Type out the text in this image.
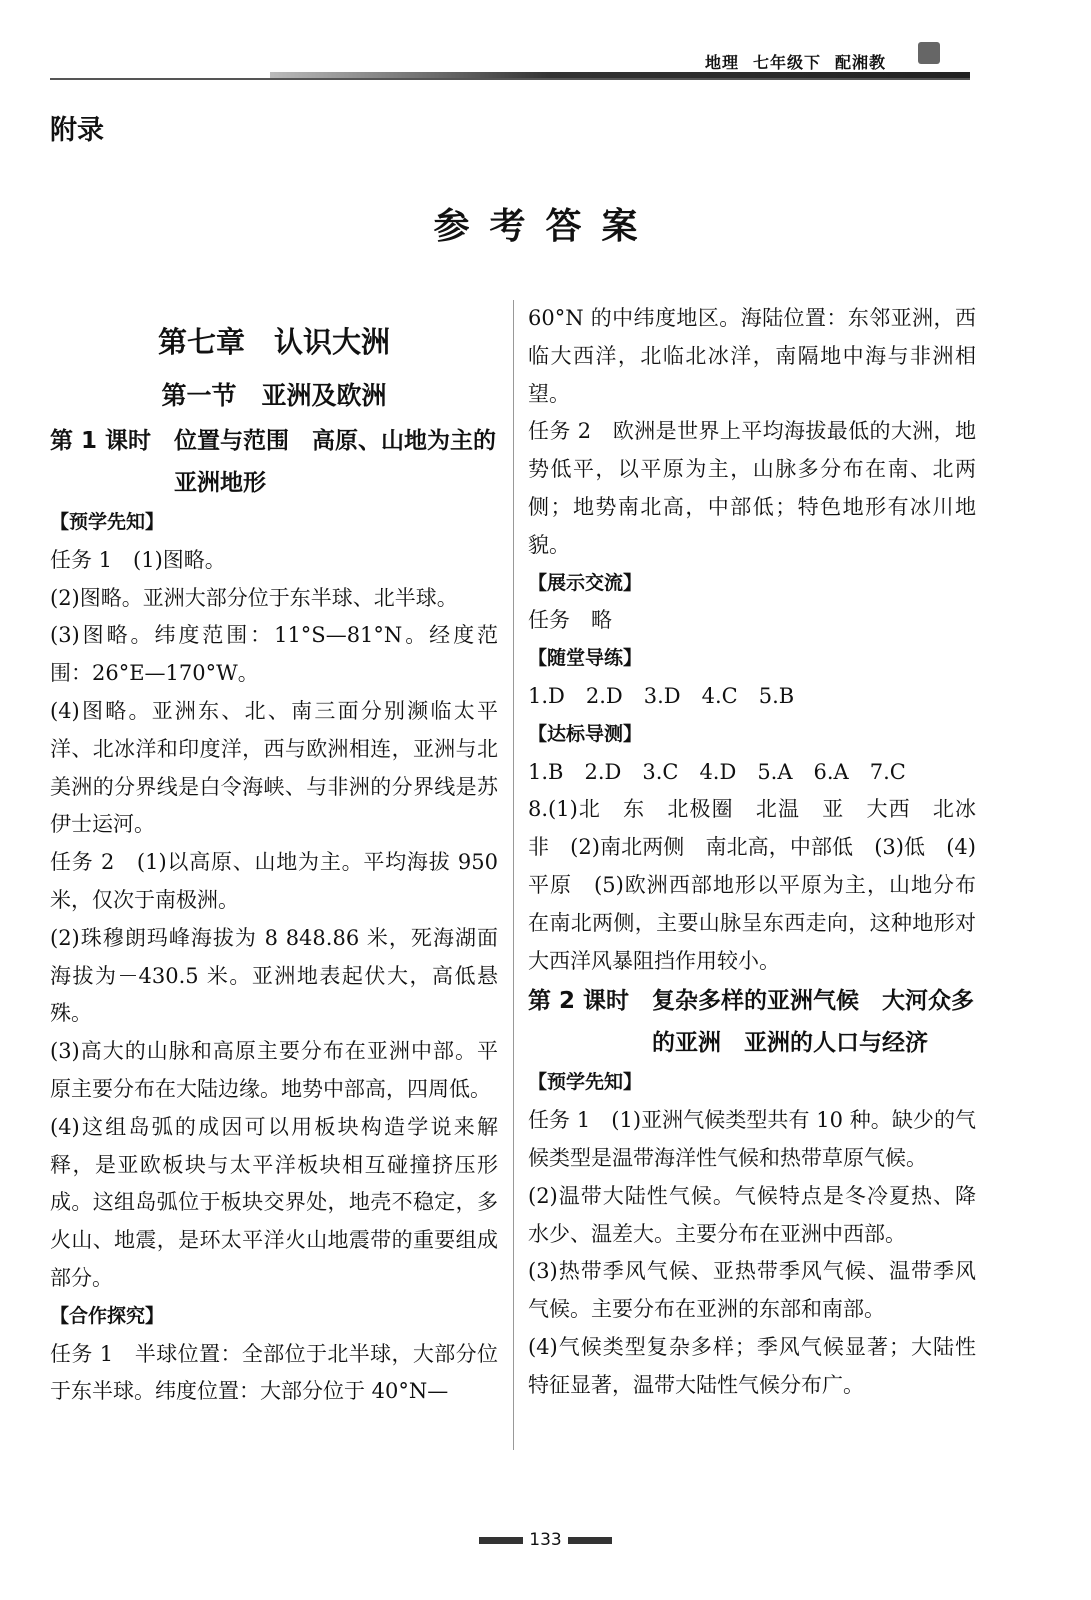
地理 七年级下 配湘教
附录
参考答案
第七章　认识大洲
第一节　亚洲及欧洲
第 1 课时　 位置与范围　高原、山地为主的亚洲地形
【预学先知】

任务 1　(1)图略。

(2)图略。亚洲大部分位于东半球、北半球。

(3)图略。纬度范围：11°S—81°N。经度范围：26°E—170°W。

(4)图略。亚洲东、北、南三面分别濒临太平洋、北冰洋和印度洋，西与欧洲相连，亚洲与北美洲的分界线是白令海峡、与非洲的分界线是苏伊士运河。

任务 2　(1)以高原、山地为主。平均海拔 950 米，仅次于南极洲。

(2)珠穆朗玛峰海拔为 8 848.86 米，死海湖面海拔为－430.5 米。亚洲地表起伏大，高低悬殊。

(3)高大的山脉和高原主要分布在亚洲中部。平原主要分布在大陆边缘。地势中部高，四周低。

(4)这组岛弧的成因可以用板块构造学说来解释，是亚欧板块与太平洋板块相互碰撞挤压形成。这组岛弧位于板块交界处，地壳不稳定，多火山、地震，是环太平洋火山地震带的重要组成部分。

【合作探究】

任务 1　半球位置：全部位于北半球，大部分位于东半球。纬度位置：大部分位于 40°N—

60°N 的中纬度地区。海陆位置：东邻亚洲，西临大西洋，北临北冰洋，南隔地中海与非洲相望。

任务 2　欧洲是世界上平均海拔最低的大洲，地势低平，以平原为主，山脉多分布在南、北两侧；地势南北高，中部低；特色地形有冰川地貌。

【展示交流】

任务　略

【随堂导练】

1.D　2.D　3.D　4.C　5.B

【达标导测】

1.B　2.D　3.C　4.D　5.A　6.A　7.C

8.(1)北　东　北极圈　北温　亚　大西　北冰　非　(2)南北两侧　南北高，中部低　(3)低　(4)平原　(5)欧洲西部地形以平原为主，山地分布在南北两侧，主要山脉呈东西走向，这种地形对大西洋风暴阻挡作用较小。

第 2 课时　 复杂多样的亚洲气候　大河众多的亚洲　亚洲的人口与经济
【预学先知】

任务 1　(1)亚洲气候类型共有 10 种。缺少的气候类型是温带海洋性气候和热带草原气候。

(2)温带大陆性气候。气候特点是冬冷夏热、降水少、温差大。主要分布在亚洲中西部。

(3)热带季风气候、亚热带季风气候、温带季风气候。主要分布在亚洲的东部和南部。

(4)气候类型复杂多样；季风气候显著；大陆性特征显著，温带大陆性气候分布广。

133
